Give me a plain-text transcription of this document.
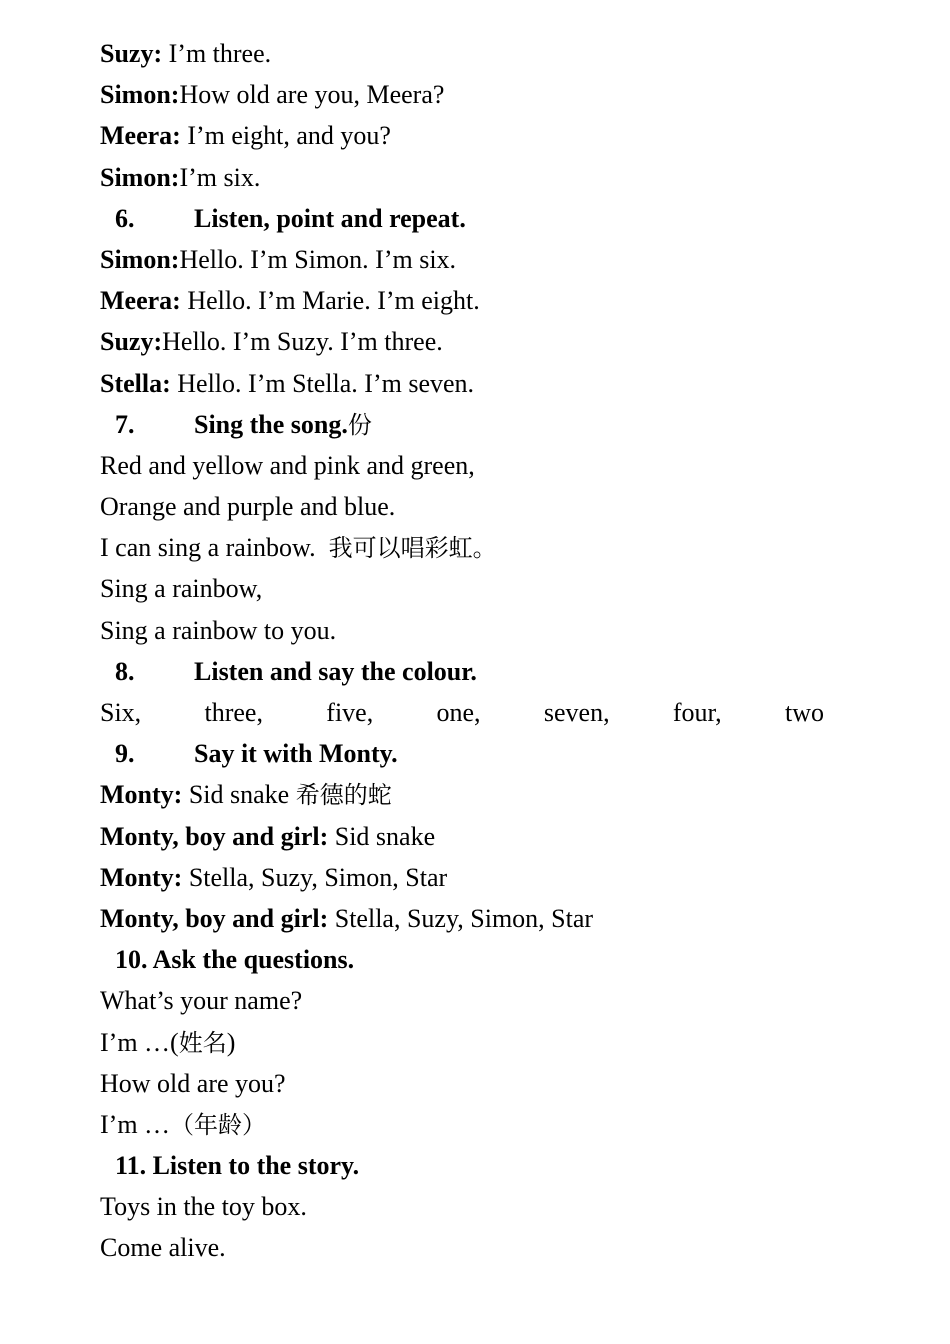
Suzy: I’m three.
Simon:How old are you, Meera?
Meera: I’m eight, and you?
Simon:I’m six.
6. Listen, point and repeat.
Simon:Hello. I’m Simon. I’m six.
Meera: Hello. I’m Marie. I’m eight.
Suzy:Hello. I’m Suzy. I’m three.
Stella: Hello. I’m Stella. I’m seven.
7. Sing the song.份
Red and yellow and pink and green,
Orange and purple and blue.
I can sing a rainbow. 我可以唱彩虹。
Sing a rainbow,
Sing a rainbow to you.
8. Listen and say the colour.
Six, three, five, one, seven, four, two
9. Say it with Monty.
Monty: Sid snake 希德的蛇
Monty, boy and girl: Sid snake
Monty: Stella, Suzy, Simon, Star
Monty, boy and girl: Stella, Suzy, Simon, Star
10. Ask the questions.
What’s your name?
I’m …(姓名)
How old are you?
I’m …（年龄）
11. Listen to the story.
Toys in the toy box.
Come alive.
